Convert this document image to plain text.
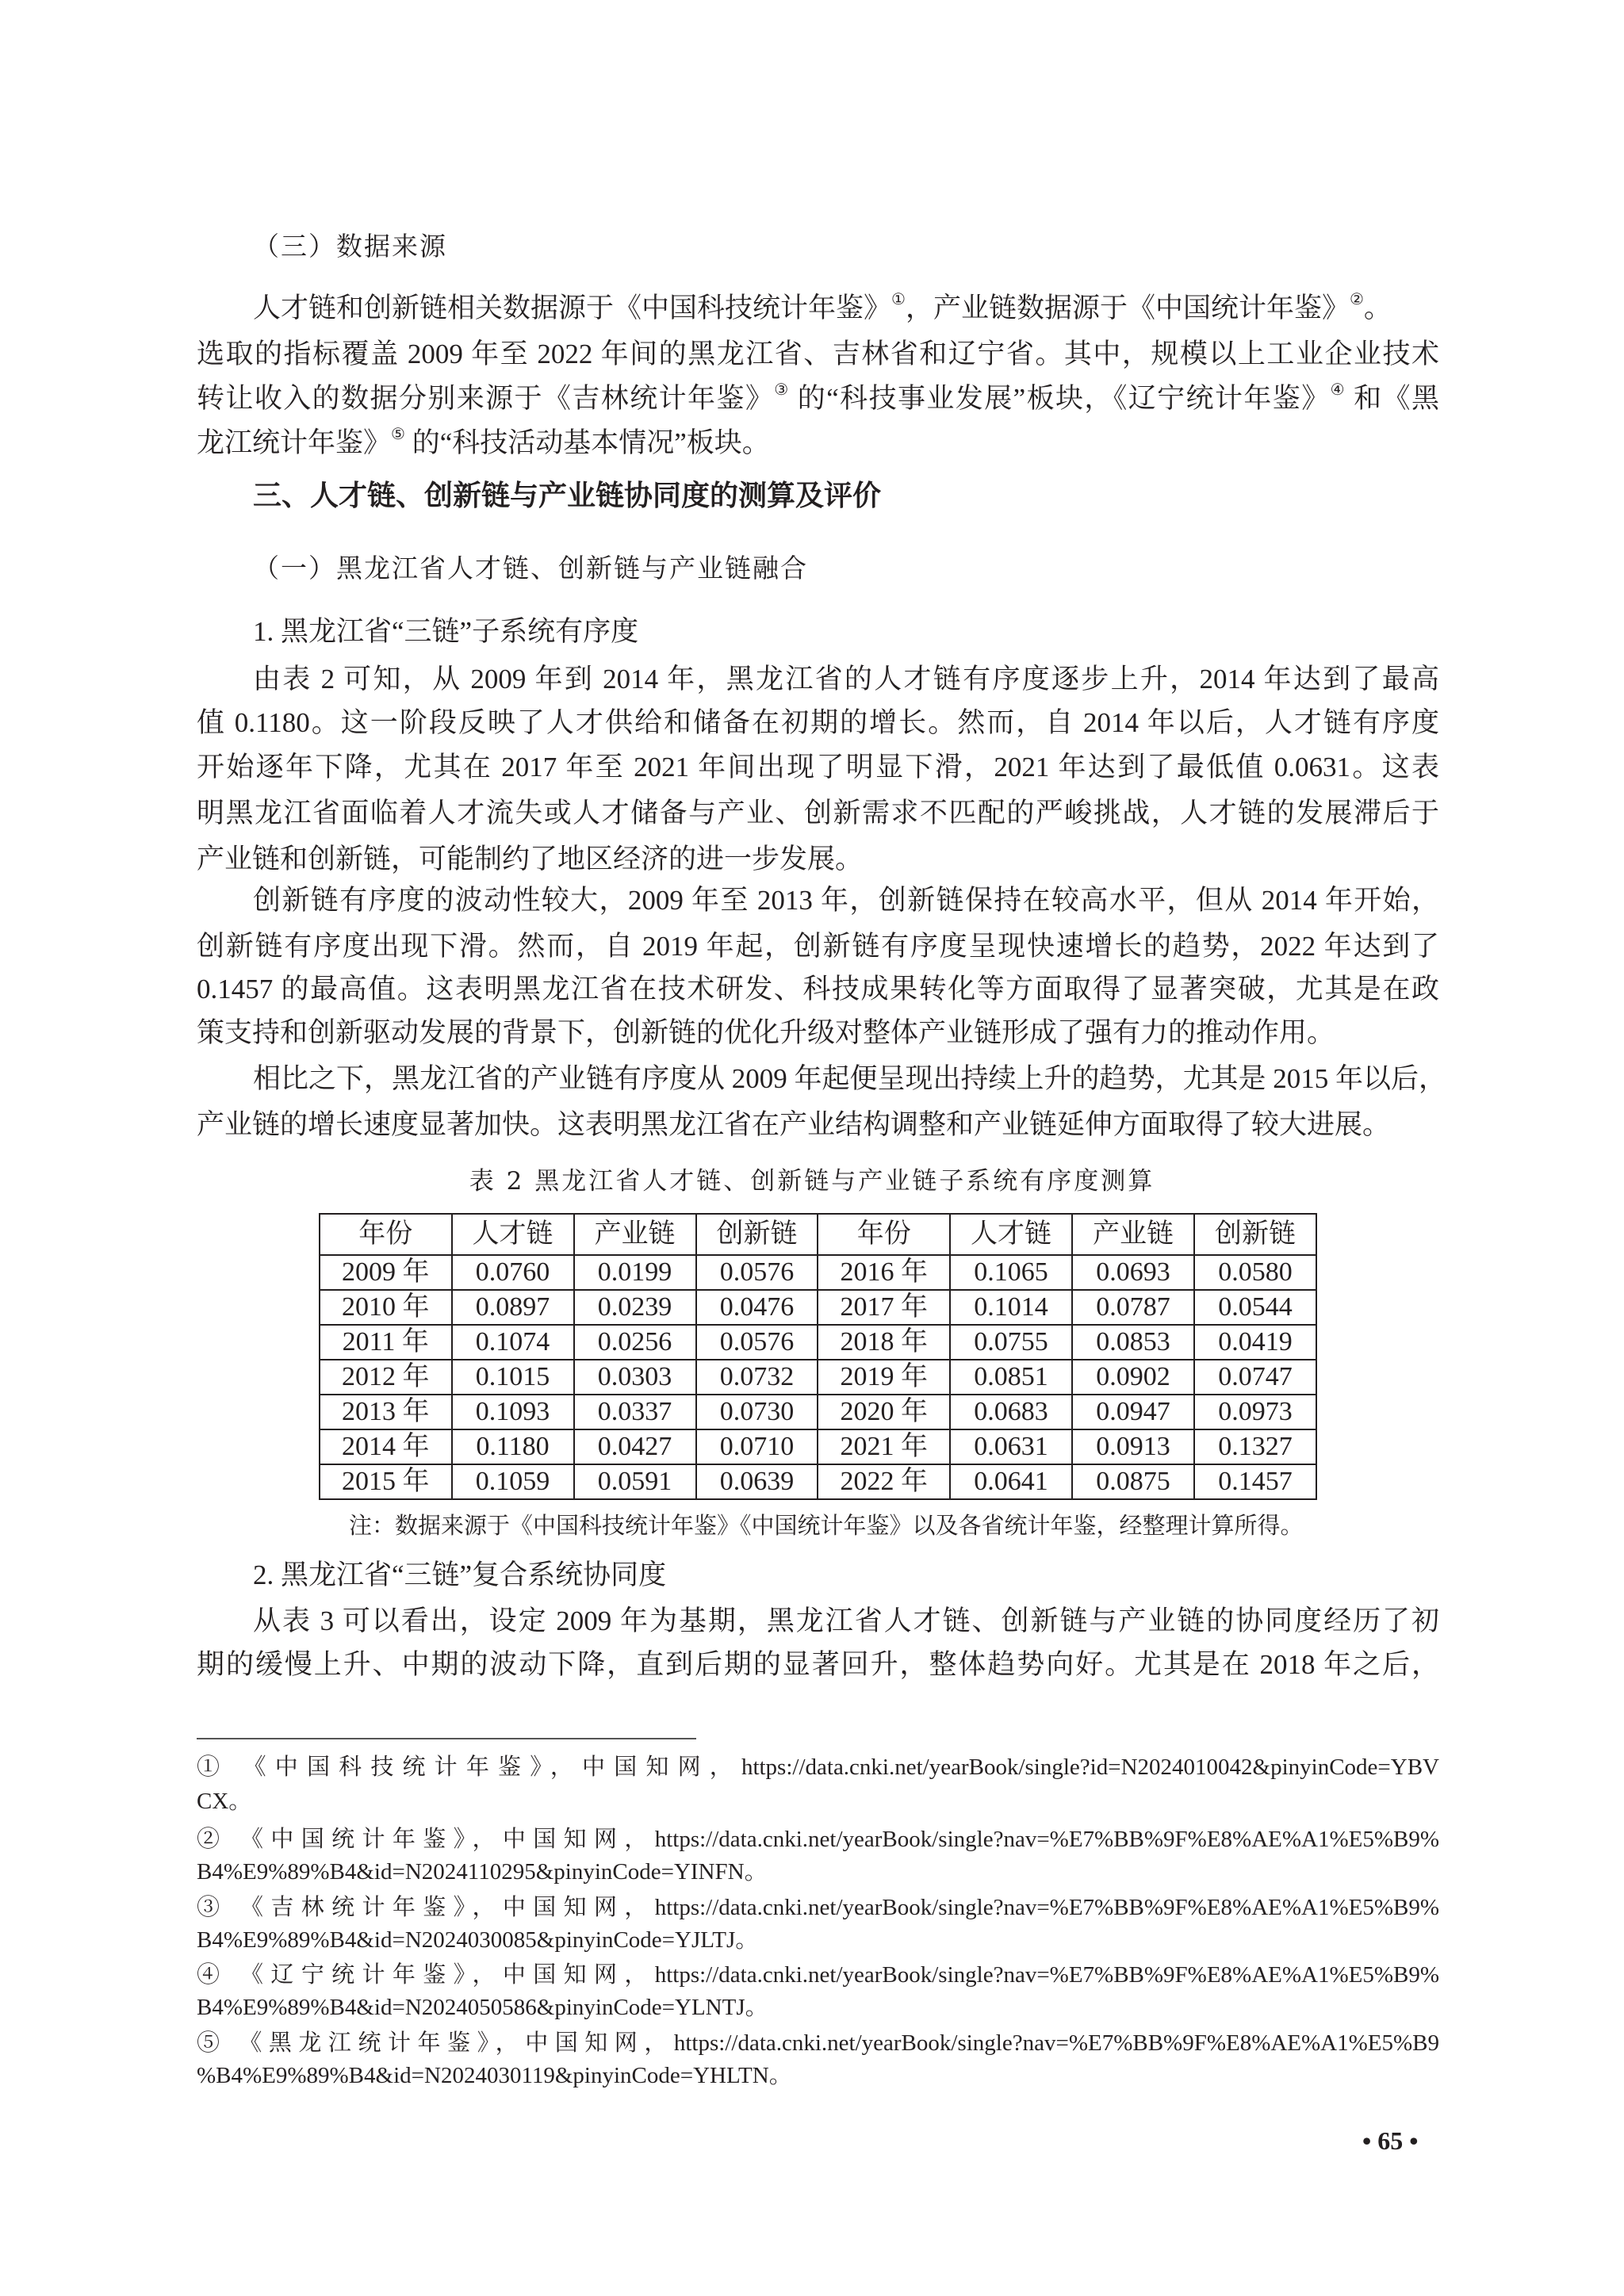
（三）数据来源
人才链和创新链相关数据源于《中国科技统计年鉴》①，产业链数据源于《中国统计年鉴》②。
选取的指标覆盖 2009 年至 2022 年间的黑龙江省、吉林省和辽宁省。其中，规模以上工业企业技术
转让收入的数据分别来源于《吉林统计年鉴》③ 的“科技事业发展”板块，《辽宁统计年鉴》④ 和《黑
龙江统计年鉴》⑤ 的“科技活动基本情况”板块。
三、人才链、创新链与产业链协同度的测算及评价
（一）黑龙江省人才链、创新链与产业链融合
1. 黑龙江省“三链”子系统有序度
由表 2 可知，从 2009 年到 2014 年，黑龙江省的人才链有序度逐步上升，2014 年达到了最高
值 0.1180。这一阶段反映了人才供给和储备在初期的增长。然而，自 2014 年以后，人才链有序度
开始逐年下降，尤其在 2017 年至 2021 年间出现了明显下滑，2021 年达到了最低值 0.0631。这表
明黑龙江省面临着人才流失或人才储备与产业、创新需求不匹配的严峻挑战，人才链的发展滞后于
产业链和创新链，可能制约了地区经济的进一步发展。
创新链有序度的波动性较大，2009 年至 2013 年，创新链保持在较高水平，但从 2014 年开始，
创新链有序度出现下滑。然而，自 2019 年起，创新链有序度呈现快速增长的趋势，2022 年达到了
0.1457 的最高值。这表明黑龙江省在技术研发、科技成果转化等方面取得了显著突破，尤其是在政
策支持和创新驱动发展的背景下，创新链的优化升级对整体产业链形成了强有力的推动作用。
相比之下，黑龙江省的产业链有序度从 2009 年起便呈现出持续上升的趋势，尤其是 2015 年以后，
产业链的增长速度显著加快。这表明黑龙江省在产业结构调整和产业链延伸方面取得了较大进展。
2. 黑龙江省“三链”复合系统协同度
从表 3 可以看出，设定 2009 年为基期，黑龙江省人才链、创新链与产业链的协同度经历了初
期的缓慢上升、中期的波动下降，直到后期的显著回升，整体趋势向好。尤其是在 2018 年之后，
表 2 黑龙江省人才链、创新链与产业链子系统有序度测算
年份	人才链	产业链	创新链	年份	人才链	产业链	创新链
2009 年	0.0760	0.0199	0.0576	2016 年	0.1065	0.0693	0.0580
2010 年	0.0897	0.0239	0.0476	2017 年	0.1014	0.0787	0.0544
2011 年	0.1074	0.0256	0.0576	2018 年	0.0755	0.0853	0.0419
2012 年	0.1015	0.0303	0.0732	2019 年	0.0851	0.0902	0.0747
2013 年	0.1093	0.0337	0.0730	2020 年	0.0683	0.0947	0.0973
2014 年	0.1180	0.0427	0.0710	2021 年	0.0631	0.0913	0.1327
2015 年	0.1059	0.0591	0.0639	2022 年	0.0641	0.0875	0.1457
注：数据来源于《中国科技统计年鉴》《中国统计年鉴》以及各省统计年鉴，经整理计算所得。
① 《中国科技统计年鉴》，中国知网，https://data.cnki.net/yearBook/single?id=N2024010042&pinyinCode=YBV
CX。
② 《中国统计年鉴》，中国知网，https://data.cnki.net/yearBook/single?nav=%E7%BB%9F%E8%AE%A1%E5%B9%
B4%E9%89%B4&id=N2024110295&pinyinCode=YINFN。
③ 《吉林统计年鉴》，中国知网，https://data.cnki.net/yearBook/single?nav=%E7%BB%9F%E8%AE%A1%E5%B9%
B4%E9%89%B4&id=N2024030085&pinyinCode=YJLTJ。
④ 《辽宁统计年鉴》，中国知网，https://data.cnki.net/yearBook/single?nav=%E7%BB%9F%E8%AE%A1%E5%B9%
B4%E9%89%B4&id=N2024050586&pinyinCode=YLNTJ。
⑤ 《黑龙江统计年鉴》，中国知网，https://data.cnki.net/yearBook/single?nav=%E7%BB%9F%E8%AE%A1%E5%B9
%B4%E9%89%B4&id=N2024030119&pinyinCode=YHLTN。
• 65 •
